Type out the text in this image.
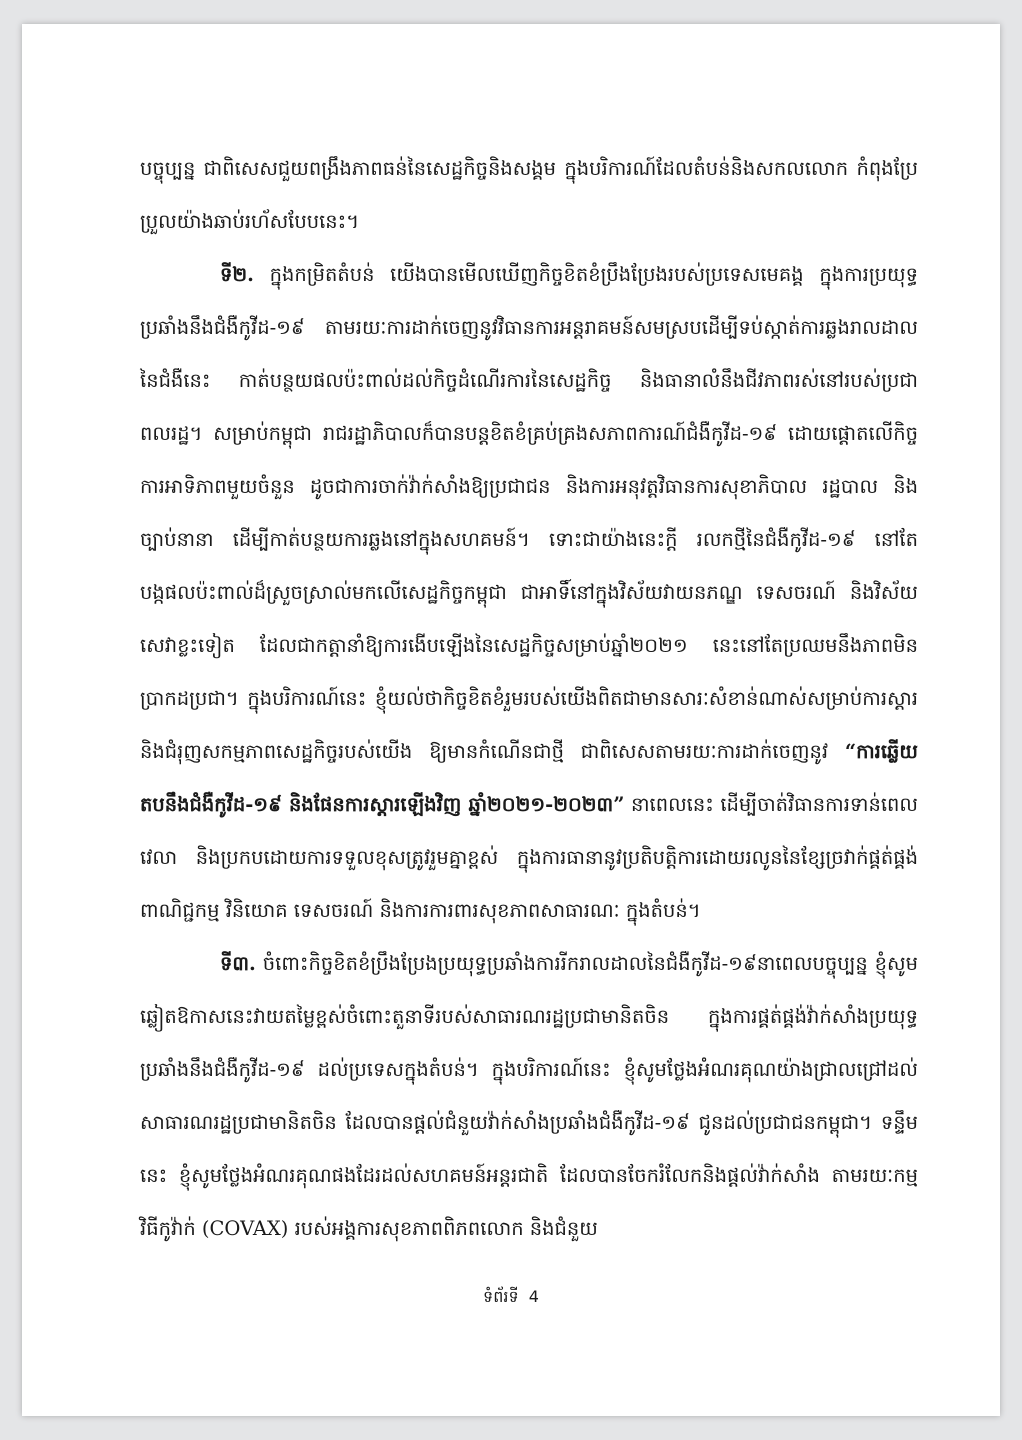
បច្ចុប្បន្ន ជាពិសេសជួយពង្រឹងភាពធន់នៃសេដ្ឋកិច្ចនិងសង្គម ក្នុងបរិការណ៍ដែលតំបន់និងសកលលោក កំពុងប្រែប្រួលយ៉ាងឆាប់រហ័សបែបនេះ។

ទី២. ក្នុងកម្រិតតំបន់ យើងបានមើលឃើញកិច្ចខិតខំប្រឹងប្រែងរបស់ប្រទេសមេគង្គ ក្នុងការប្រយុទ្ធប្រឆាំងនឹងជំងឺកូវីដ-១៩ តាមរយៈការដាក់ចេញនូវវិធានការអន្តរាគមន៍សមស្របដើម្បីទប់ស្កាត់ការឆ្លងរាលដាលនៃជំងឺនេះ កាត់បន្ថយផលប៉ះពាល់ដល់កិច្ចដំណើរការនៃសេដ្ឋកិច្ច និងធានាលំនឹងជីវភាពរស់នៅរបស់ប្រជាពលរដ្ឋ។ សម្រាប់កម្ពុជា រាជរដ្ឋាភិបាលក៏បានបន្តខិតខំគ្រប់គ្រងសភាពការណ៍ជំងឺកូវីដ-១៩ ដោយផ្តោតលើកិច្ចការអាទិភាពមួយចំនួន ដូចជាការចាក់វ៉ាក់សាំងឱ្យប្រជាជន និងការអនុវត្តវិធានការសុខាភិបាល រដ្ឋបាល និងច្បាប់នានា ដើម្បីកាត់បន្ថយការឆ្លងនៅក្នុងសហគមន៍។ ទោះជាយ៉ាងនេះក្តី រលកថ្មីនៃជំងឺកូវីដ-១៩ នៅតែបង្កផលប៉ះពាល់ដ៏ស្រួចស្រាល់មកលើសេដ្ឋកិច្ចកម្ពុជា ជាអាទិ៍នៅក្នុងវិស័យវាយនភណ្ឌ ទេសចរណ៍ និងវិស័យសេវាខ្លះទៀត ដែលជាកត្តានាំឱ្យការងើបឡើងនៃសេដ្ឋកិច្ចសម្រាប់ឆ្នាំ២០២១ នេះនៅតែប្រឈមនឹងភាពមិនប្រាកដប្រជា។ ក្នុងបរិការណ៍នេះ ខ្ញុំយល់ថាកិច្ចខិតខំរួមរបស់យើងពិតជាមានសារៈសំខាន់ណាស់សម្រាប់ការស្តារ និងជំរុញសកម្មភាពសេដ្ឋកិច្ចរបស់យើង ឱ្យមានកំណើនជាថ្មី ជាពិសេសតាមរយៈការដាក់ចេញនូវ “ការឆ្លើយតបនឹងជំងឺកូវីដ-១៩ និងផែនការស្តារឡើងវិញ ឆ្នាំ២០២១-២០២៣” នាពេលនេះ ដើម្បីចាត់វិធានការទាន់ពេលវេលា និងប្រកបដោយការទទួលខុសត្រូវរួមគ្នាខ្ពស់ ក្នុងការធានានូវប្រតិបត្តិការដោយរលូននៃខ្សែច្រវាក់ផ្គត់ផ្គង់ពាណិជ្ជកម្ម វិនិយោគ ទេសចរណ៍ និងការការពារសុខភាពសាធារណៈ ក្នុងតំបន់។

ទី៣. ចំពោះកិច្ចខិតខំប្រឹងប្រែងប្រយុទ្ធប្រឆាំងការរីករាលដាលនៃជំងឺកូវីដ-១៩នាពេលបច្ចុប្បន្ន ខ្ញុំសូមឆ្លៀតឱកាសនេះវាយតម្លៃខ្ពស់ចំពោះតួនាទីរបស់សាធារណរដ្ឋប្រជាមានិតចិន ក្នុងការផ្គត់ផ្គង់វ៉ាក់សាំងប្រយុទ្ធប្រឆាំងនឹងជំងឺកូវីដ-១៩ ដល់ប្រទេសក្នុងតំបន់។ ក្នុងបរិការណ៍នេះ ខ្ញុំសូមថ្លែងអំណរគុណយ៉ាងជ្រាលជ្រៅដល់សាធារណរដ្ឋប្រជាមានិតចិន ដែលបានផ្តល់ជំនួយវ៉ាក់សាំងប្រឆាំងជំងឺកូវីដ-១៩ ជូនដល់ប្រជាជនកម្ពុជា។ ទន្ទឹមនេះ ខ្ញុំសូមថ្លែងអំណរគុណផងដែរដល់សហគមន៍អន្តរជាតិ ដែលបានចែករំលែកនិងផ្តល់វ៉ាក់សាំង តាមរយៈកម្មវិធីកូវ៉ាក់ (COVAX) របស់អង្គការសុខភាពពិភពលោក និងជំនួយ

ទំព័រទី 4
